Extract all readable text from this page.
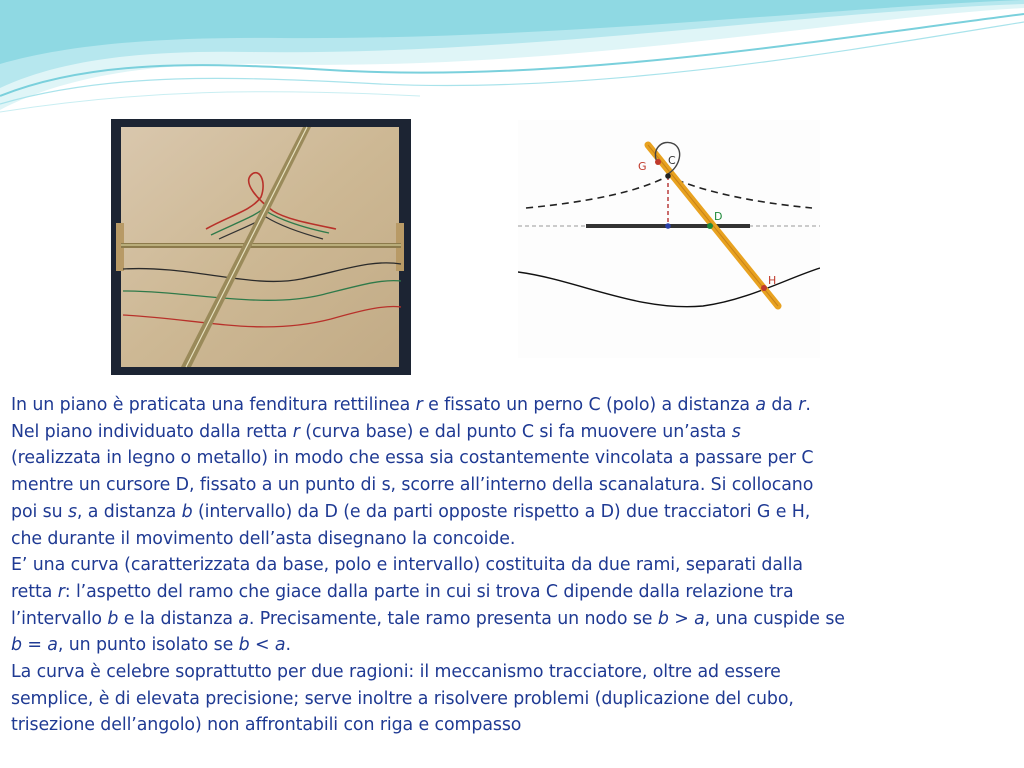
C
G
D
H

In un piano è praticata una fenditura rettilinea r e fissato un perno C (polo) a distanza a da r.
Nel piano individuato dalla retta r (curva base) e dal punto C si fa muovere un’asta s
(realizzata in legno o metallo) in modo che essa sia costantemente vincolata a passare per C
mentre un cursore D, fissato a un punto di s, scorre all’interno della scanalatura. Si collocano
poi su s, a distanza b (intervallo) da D (e da parti opposte rispetto a D) due tracciatori G e H,
che durante il movimento dell’asta disegnano la concoide.

E’ una curva (caratterizzata da base, polo e intervallo) costituita da due rami, separati dalla
retta r: l’aspetto del ramo che giace dalla parte in cui si trova C dipende dalla relazione tra
l’intervallo b e la distanza a. Precisamente, tale ramo presenta un nodo se b > a, una cuspide se
b = a, un punto isolato se b < a.

La curva è celebre soprattutto per due ragioni: il meccanismo tracciatore, oltre ad essere
semplice, è di elevata precisione; serve inoltre a risolvere problemi (duplicazione del cubo,
trisezione dell’angolo) non affrontabili con riga e compasso
